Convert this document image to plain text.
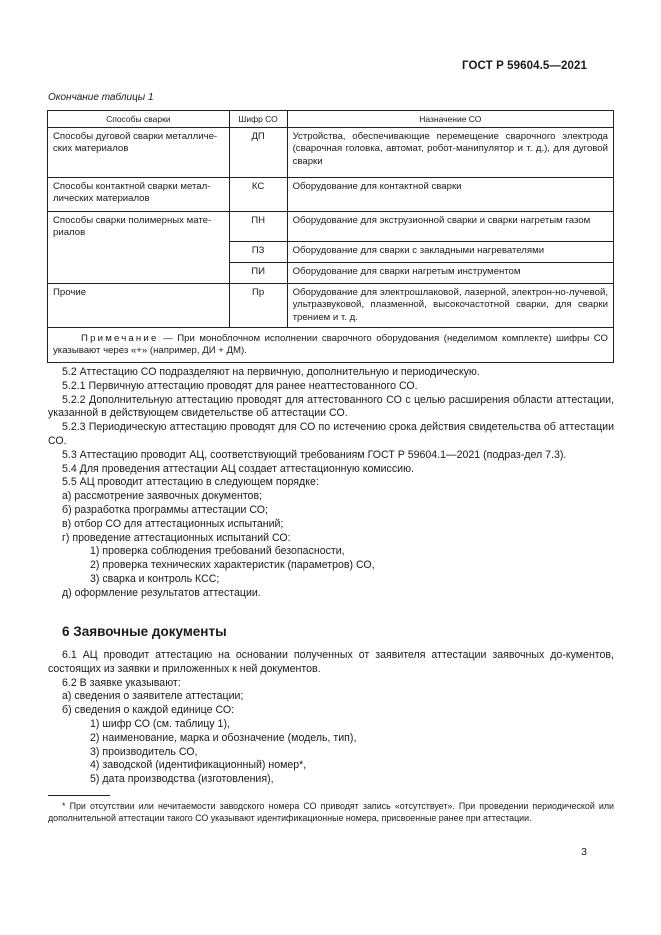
ГОСТ Р 59604.5—2021
Окончание таблицы 1
Способы сварки	Шифр СО	Назначение СО
Способы дуговой сварки металличе-ских материалов	ДП	Устройства, обеспечивающие перемещение сварочного электрода (сварочная головка, автомат, робот-манипулятор и т. д.), для дуговой сварки
Способы контактной сварки метал-лических материалов	КС	Оборудование для контактной сварки
Способы сварки полимерных мате-риалов	ПН	Оборудование для экструзионной сварки и сварки нагретым газом
	ПЗ	Оборудование для сварки с закладными нагревателями
	ПИ	Оборудование для сварки нагретым инструментом
Прочие	Пр	Оборудование для электрошлаковой, лазерной, электрон-но-лучевой, ультразвуковой, плазменной, высокочастотной сварки, для сварки трением и т. д.
Примечание — При моноблочном исполнении сварочного оборудования (неделимом комплекте) шифры СО указывают через «+» (например, ДИ + ДМ).		

5.2 Аттестацию СО подразделяют на первичную, дополнительную и периодическую.

5.2.1 Первичную аттестацию проводят для ранее неаттестованного СО.

5.2.2 Дополнительную аттестацию проводят для аттестованного СО с целью расширения области аттестации, указанной в действующем свидетельстве об аттестации СО.

5.2.3 Периодическую аттестацию проводят для СО по истечению срока действия свидетельства об аттестации СО.

5.3 Аттестацию проводит АЦ, соответствующий требованиям ГОСТ Р 59604.1—2021 (подраз-дел 7.3).

5.4 Для проведения аттестации АЦ создает аттестационную комиссию.

5.5 АЦ проводит аттестацию в следующем порядке:

а) рассмотрение заявочных документов;

б) разработка программы аттестации СО;

в) отбор СО для аттестационных испытаний;

г) проведение аттестационных испытаний СО:

1) проверка соблюдения требований безопасности,

2) проверка технических характеристик (параметров) СО,

3) сварка и контроль КСС;

д) оформление результатов аттестации.

6 Заявочные документы

6.1 АЦ проводит аттестацию на основании полученных от заявителя аттестации заявочных до-кументов, состоящих из заявки и приложенных к ней документов.

6.2 В заявке указывают:

а) сведения о заявителе аттестации;

б) сведения о каждой единице СО:

1) шифр СО (см. таблицу 1),

2) наименование, марка и обозначение (модель, тип),

3) производитель СО,

4) заводской (идентификационный) номер*,

5) дата производства (изготовления),

* При отсутствии или нечитаемости заводского номера СО приводят запись «отсутствует». При проведении периодической или дополнительной аттестации такого СО указывают идентификационные номера, присвоенные ранее при аттестации.

3
